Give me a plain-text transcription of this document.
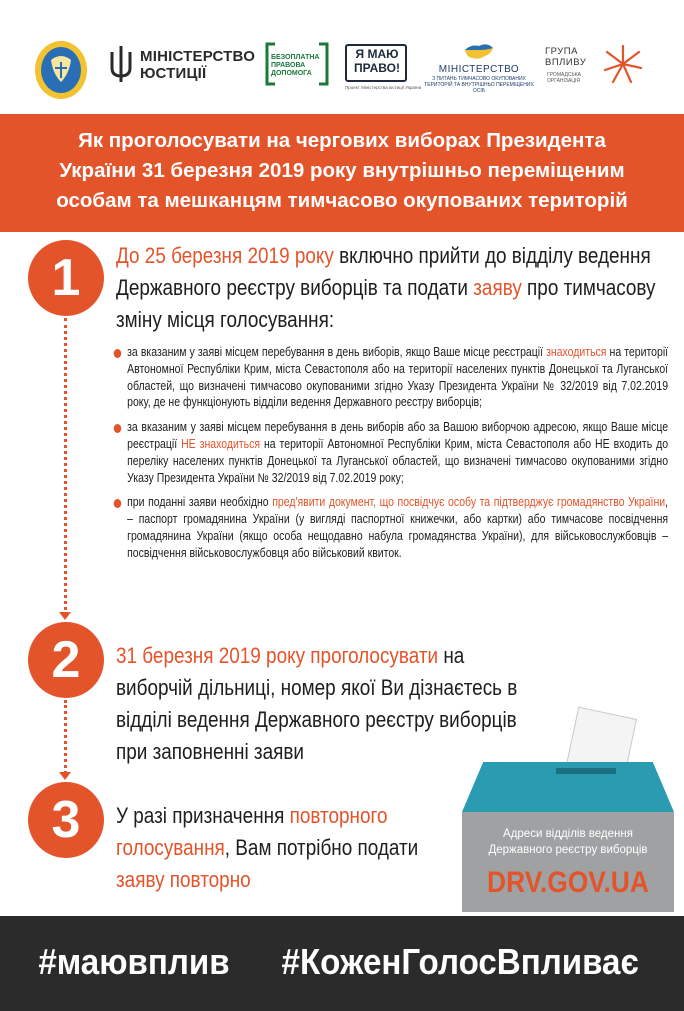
МІНІСТЕРСТВО
ЮСТИЦІЇ
БЕЗОПЛАТНА
ПРАВОВА
ДОПОМОГА
Я МАЮ
ПРАВО!
Проект Міністерства юстиції України
МІНІСТЕРСТВО
З ПИТАНЬ ТИМЧАСОВО ОКУПОВАНИХ ТЕРИТОРІЙ ТА ВНУТРІШНЬО ПЕРЕМІЩЕНИХ ОСІБ
ГРУПА
ВПЛИВУ
ГРОМАДСЬКА ОРГАНІЗАЦІЯ
Як проголосувати на чергових виборах Президента
України 31 березня 2019 року внутрішньо переміщеним
особам та мешканцям тимчасово окупованих територій
1	До 25 березня 2019 року включно прийти до відділу ведення Державного реєстру виборців та подати заяву про тимчасову зміну місця голосування:
за вказаним у заяві місцем перебування в день виборів, якщо Ваше місце реєстрації знаходиться на території Автономної Республіки Крим, міста Севастополя або на території населених пунктів Донецької та Луганської областей, що визначені тимчасово окупованими згідно Указу Президента України № 32/2019 від 7.02.2019 року, де не функціонують відділи ведення Державного реєстру виборців;
за вказаним у заяві місцем перебування в день виборів або за Вашою виборчою адресою, якщо Ваше місце реєстрації НЕ знаходиться на території Автономної Республіки Крим, міста Севастополя або НЕ входить до переліку населених пунктів Донецької та Луганської областей, що визначені тимчасово окупованими згідно Указу Президента України № 32/2019 від 7.02.2019 року;
при поданні заяви необхідно пред'явити документ, що посвідчує особу та підтверджує громадянство України, – паспорт громадянина України (у вигляді паспортної книжечки, або картки) або тимчасове посвідчення громадянина України (якщо особа нещодавно набула громадянства України), для військовослужбовців – посвідчення військовослужбовця або військовий квиток.
2	31 березня 2019 року проголосувати на виборчій дільниці, номер якої Ви дізнаєтесь в відділі ведення Державного реєстру виборців при заповненні заяви
3	У разі призначення повторного голосування, Вам потрібно подати заяву повторно
Адреси відділів ведення
Державного реєстру виборців
DRV.GOV.UA
#маювплив #КоженГолосВпливає
